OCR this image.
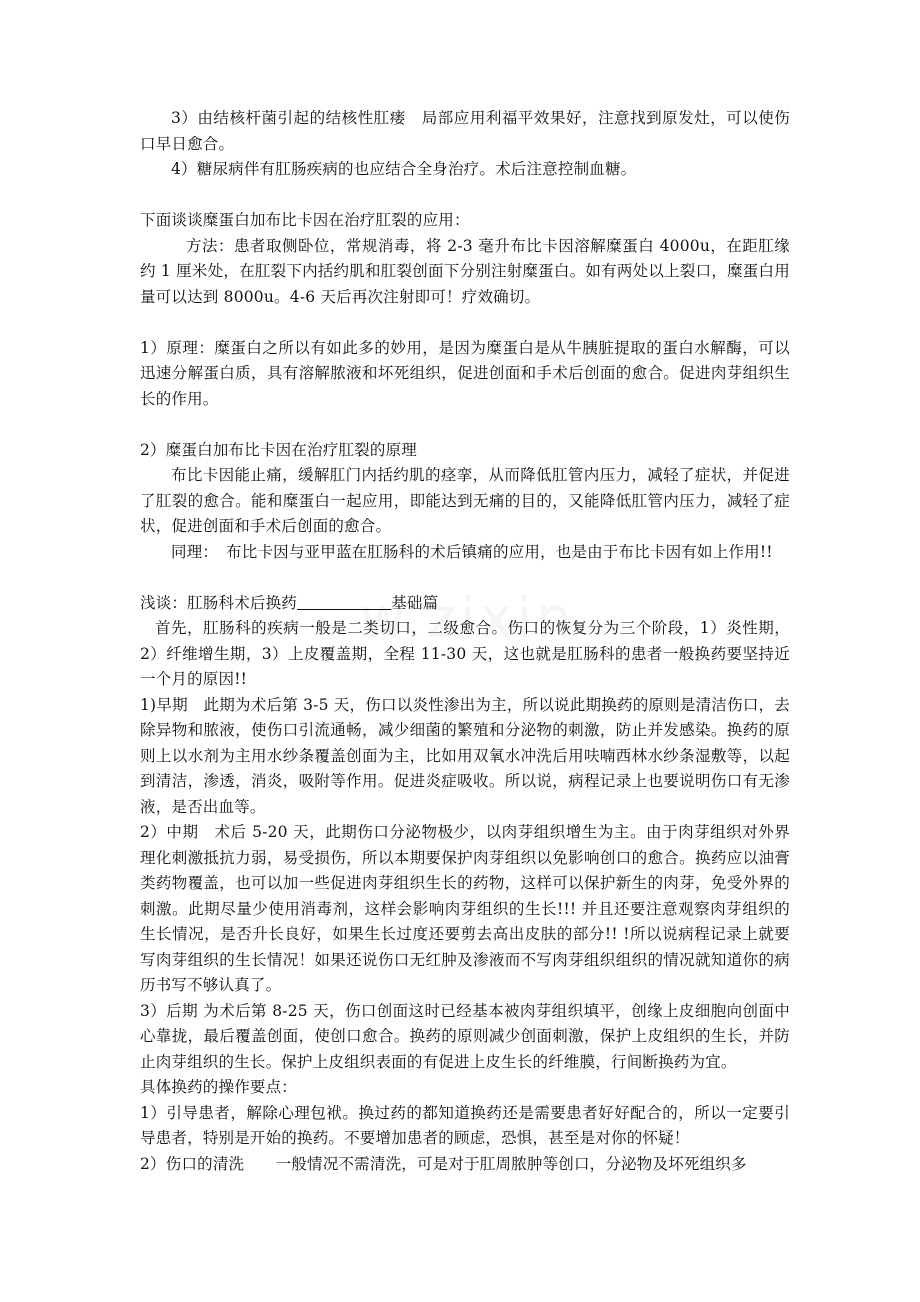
3）由结核杆菌引起的结核性肛瘘　局部应用利福平效果好，注意找到原发灶，可以使伤口早日愈合。

4）糖尿病伴有肛肠疾病的也应结合全身治疗。术后注意控制血糖。

下面谈谈糜蛋白加布比卡因在治疗肛裂的应用：

方法：患者取侧卧位，常规消毒，将 2-3 毫升布比卡因溶解糜蛋白 4000u，在距肛缘约 1 厘米处，在肛裂下内括约肌和肛裂创面下分别注射糜蛋白。如有两处以上裂口，糜蛋白用量可以达到 8000u。4-6 天后再次注射即可！疗效确切。

1）原理：糜蛋白之所以有如此多的妙用，是因为糜蛋白是从牛胰脏提取的蛋白水解酶，可以迅速分解蛋白质，具有溶解脓液和坏死组织，促进创面和手术后创面的愈合。促进肉芽组织生长的作用。

2）糜蛋白加布比卡因在治疗肛裂的原理

布比卡因能止痛，缓解肛门内括约肌的痉挛，从而降低肛管内压力，减轻了症状，并促进了肛裂的愈合。能和糜蛋白一起应用，即能达到无痛的目的，又能降低肛管内压力，减轻了症状，促进创面和手术后创面的愈合。

同理：　布比卡因与亚甲蓝在肛肠科的术后镇痛的应用，也是由于布比卡因有如上作用!!

浅谈：肛肠科术后换药　　　　　　	基础篇

首先，肛肠科的疾病一般是二类切口，二级愈合。伤口的恢复分为三个阶段，1）炎性期，2）纤维增生期，3）上皮覆盖期，全程 11-30 天，这也就是肛肠科的患者一般换药要坚持近一个月的原因!!

1)早期　此期为术后第 3-5 天，伤口以炎性渗出为主，所以说此期换药的原则是清洁伤口，去除异物和脓液，使伤口引流通畅，减少细菌的繁殖和分泌物的刺激，防止并发感染。换药的原则上以水剂为主用水纱条覆盖创面为主，比如用双氧水冲洗后用呋喃西林水纱条湿敷等，以起到清洁，渗透，消炎，吸附等作用。促进炎症吸收。所以说，病程记录上也要说明伤口有无渗液，是否出血等。

2）中期　术后 5-20 天，此期伤口分泌物极少，以肉芽组织增生为主。由于肉芽组织对外界理化刺激抵抗力弱，易受损伤，所以本期要保护肉芽组织以免影响创口的愈合。换药应以油膏类药物覆盖，也可以加一些促进肉芽组织生长的药物，这样可以保护新生的肉芽，免受外界的刺激。此期尽量少使用消毒剂，这样会影响肉芽组织的生长!!! 并且还要注意观察肉芽组织的生长情况，是否升长良好，如果生长过度还要剪去高出皮肤的部分!! !所以说病程记录上就要写肉芽组织的生长情况！如果还说伤口无红肿及渗液而不写肉芽组织组织的情况就知道你的病历书写不够认真了。

3）后期 为术后第 8-25 天，伤口创面这时已经基本被肉芽组织填平，创缘上皮细胞向创面中心靠拢，最后覆盖创面，使创口愈合。换药的原则减少创面刺激，保护上皮组织的生长，并防止肉芽组织的生长。保护上皮组织表面的有促进上皮生长的纤维膜，行间断换药为宜。

具体换药的操作要点：

1）引导患者，解除心理包袱。换过药的都知道换药还是需要患者好好配合的，所以一定要引导患者，特别是开始的换药。不要增加患者的顾虑，恐惧，甚至是对你的怀疑！

2）伤口的清洗　　一般情况不需清洗，可是对于肛周脓肿等创口，分泌物及坏死组织多
